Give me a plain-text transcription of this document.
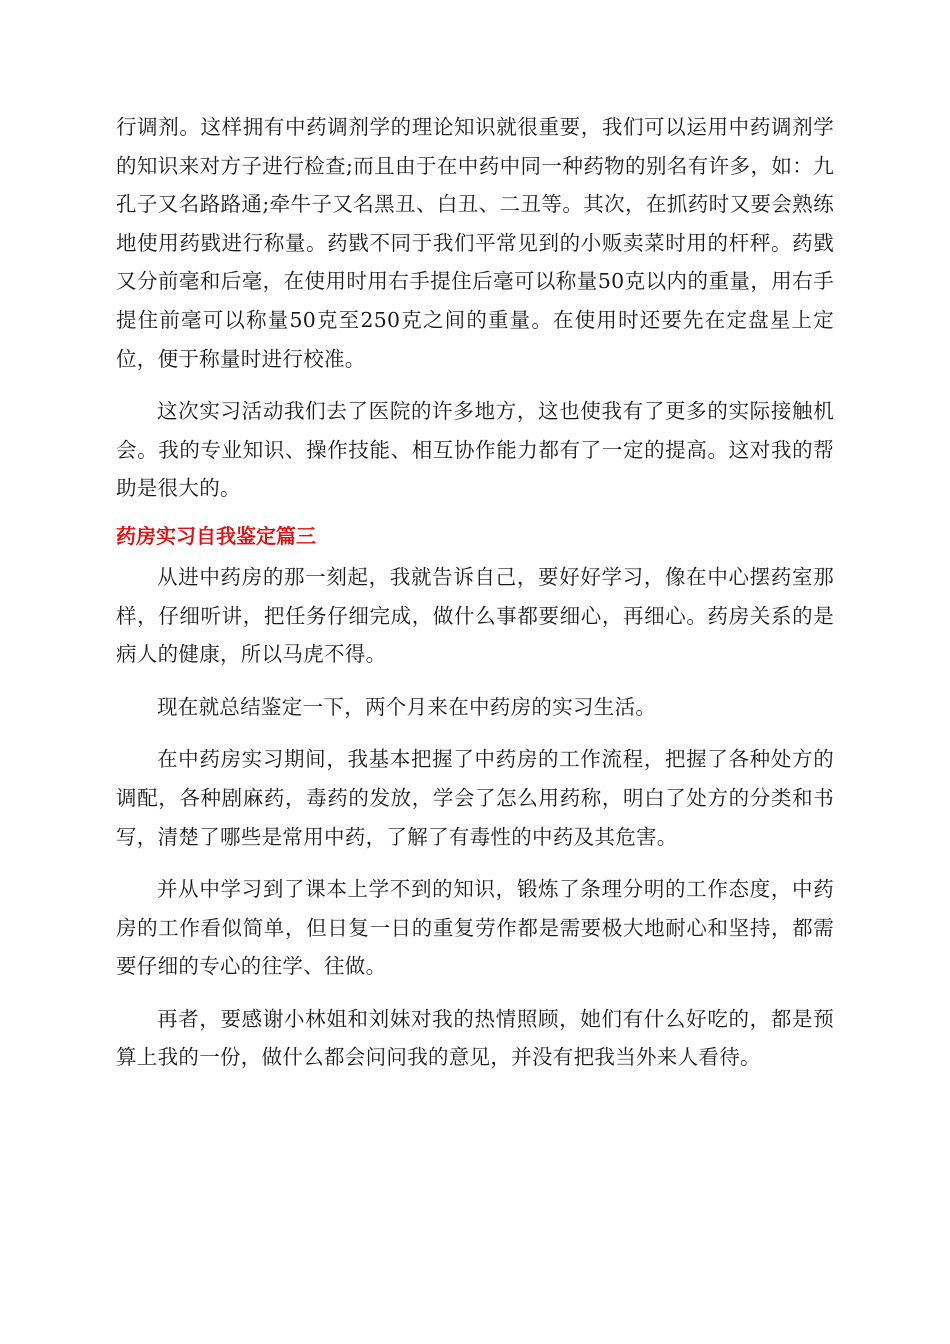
行调剂。这样拥有中药调剂学的理论知识就很重要，我们可以运用中药调剂学的知识来对方子进行检查;而且由于在中药中同一种药物的别名有许多，如：九孔子又名路路通;牵牛子又名黑丑、白丑、二丑等。其次，在抓药时又要会熟练地使用药戥进行称量。药戥不同于我们平常见到的小贩卖菜时用的杆秤。药戥又分前毫和后毫，在使用时用右手提住后毫可以称量50克以内的重量，用右手提住前毫可以称量50克至250克之间的重量。在使用时还要先在定盘星上定位，便于称量时进行校准。

这次实习活动我们去了医院的许多地方，这也使我有了更多的实际接触机会。我的专业知识、操作技能、相互协作能力都有了一定的提高。这对我的帮助是很大的。

药房实习自我鉴定篇三

从进中药房的那一刻起，我就告诉自己，要好好学习，像在中心摆药室那样，仔细听讲，把任务仔细完成，做什么事都要细心，再细心。药房关系的是病人的健康，所以马虎不得。

现在就总结鉴定一下，两个月来在中药房的实习生活。

在中药房实习期间，我基本把握了中药房的工作流程，把握了各种处方的调配，各种剧麻药，毒药的发放，学会了怎么用药称，明白了处方的分类和书写，清楚了哪些是常用中药，了解了有毒性的中药及其危害。

并从中学习到了课本上学不到的知识，锻炼了条理分明的工作态度，中药房的工作看似简单，但日复一日的重复劳作都是需要极大地耐心和坚持，都需要仔细的专心的往学、往做。

再者，要感谢小林姐和刘妹对我的热情照顾，她们有什么好吃的，都是预算上我的一份，做什么都会问问我的意见，并没有把我当外来人看待。
